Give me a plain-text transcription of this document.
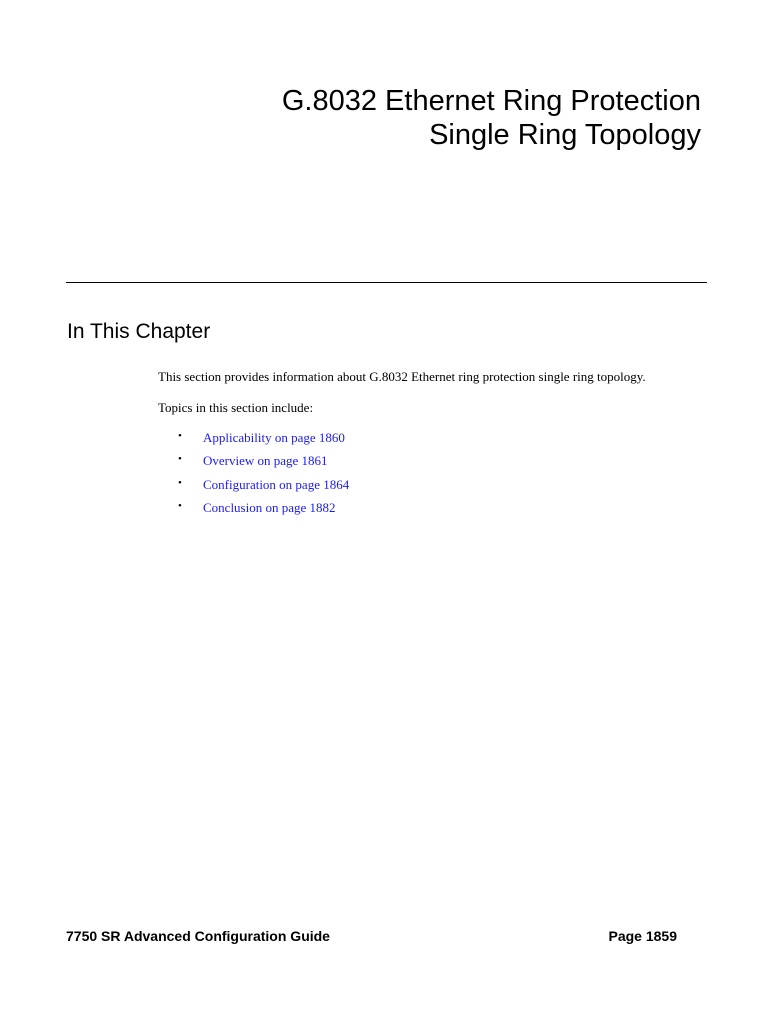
G.8032 Ethernet Ring Protection
Single Ring Topology
In This Chapter

This section provides information about G.8032 Ethernet ring protection single ring topology.

Topics in this section include:

• Applicability on page 1860
• Overview on page 1861
• Configuration on page 1864
• Conclusion on page 1882
7750 SR Advanced Configuration Guide	Page 1859
